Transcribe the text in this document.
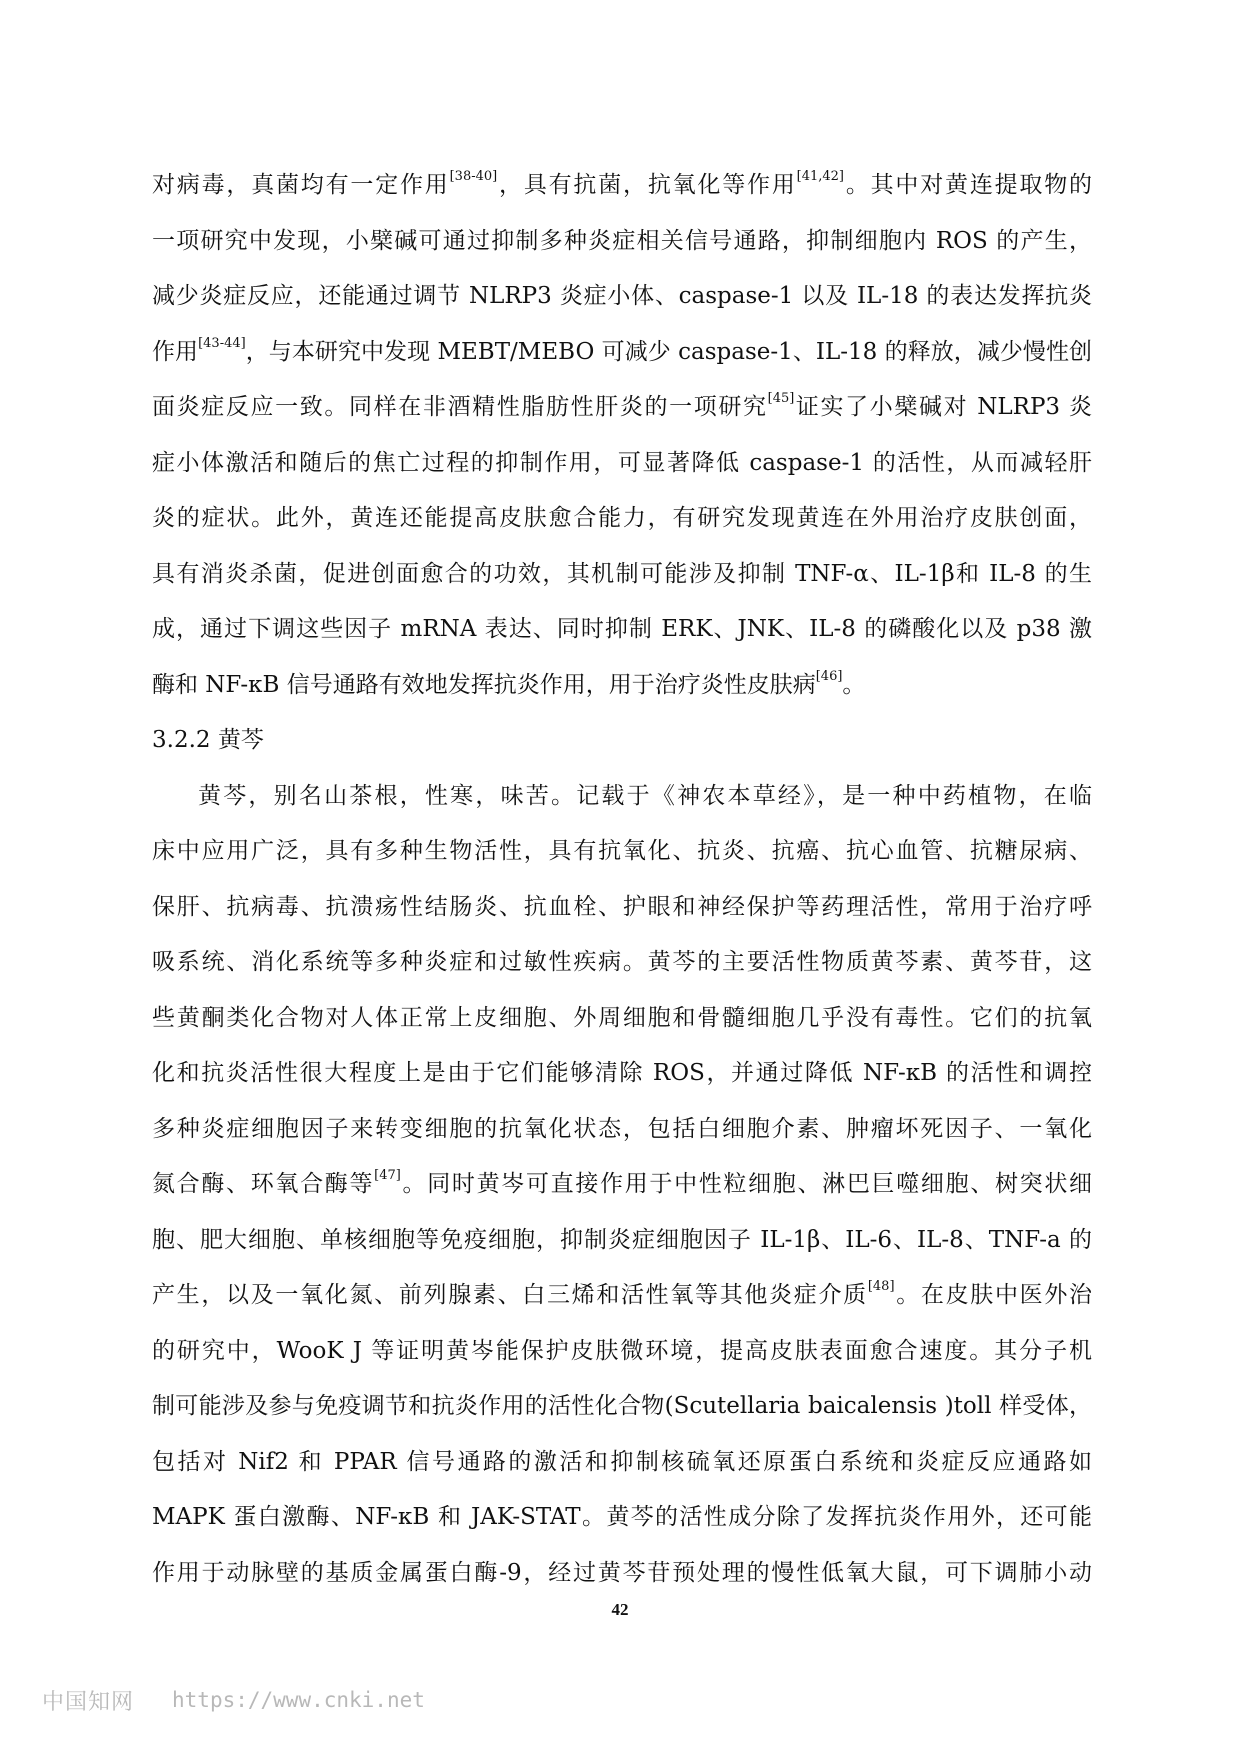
对病毒，真菌均有一定作用[38-40]，具有抗菌，抗氧化等作用[41,42]。其中对黄连提取物的
一项研究中发现，小檗碱可通过抑制多种炎症相关信号通路，抑制细胞内 ROS 的产生，
减少炎症反应，还能通过调节 NLRP3 炎症小体、caspase-1 以及 IL-18 的表达发挥抗炎
作用[43-44]，与本研究中发现 MEBT/MEBO 可减少 caspase-1、IL-18 的释放，减少慢性创
面炎症反应一致。同样在非酒精性脂肪性肝炎的一项研究[45]证实了小檗碱对 NLRP3 炎
症小体激活和随后的焦亡过程的抑制作用，可显著降低 caspase-1 的活性，从而减轻肝
炎的症状。此外，黄连还能提高皮肤愈合能力，有研究发现黄连在外用治疗皮肤创面，
具有消炎杀菌，促进创面愈合的功效，其机制可能涉及抑制 TNF-α、IL-1β和 IL-8 的生
成，通过下调这些因子 mRNA 表达、同时抑制 ERK、JNK、IL-8 的磷酸化以及 p38 激
酶和 NF-κB 信号通路有效地发挥抗炎作用，用于治疗炎性皮肤病[46]。
3.2.2 黄芩
黄芩，别名山茶根，性寒，味苦。记载于《神农本草经》，是一种中药植物，在临
床中应用广泛，具有多种生物活性，具有抗氧化、抗炎、抗癌、抗心血管、抗糖尿病、
保肝、抗病毒、抗溃疡性结肠炎、抗血栓、护眼和神经保护等药理活性，常用于治疗呼
吸系统、消化系统等多种炎症和过敏性疾病。黄芩的主要活性物质黄芩素、黄芩苷，这
些黄酮类化合物对人体正常上皮细胞、外周细胞和骨髓细胞几乎没有毒性。它们的抗氧
化和抗炎活性很大程度上是由于它们能够清除 ROS，并通过降低 NF-κB 的活性和调控
多种炎症细胞因子来转变细胞的抗氧化状态，包括白细胞介素、肿瘤坏死因子、一氧化
氮合酶、环氧合酶等[47]。同时黄岑可直接作用于中性粒细胞、淋巴巨噬细胞、树突状细
胞、肥大细胞、单核细胞等免疫细胞，抑制炎症细胞因子 IL-1β、IL-6、IL-8、TNF-a 的
产生，以及一氧化氮、前列腺素、白三烯和活性氧等其他炎症介质[48]。在皮肤中医外治
的研究中，WooK J 等证明黄岑能保护皮肤微环境，提高皮肤表面愈合速度。其分子机
制可能涉及参与免疫调节和抗炎作用的活性化合物(Scutellaria baicalensis )toll 样受体，
包括对 Nif2 和 PPAR 信号通路的激活和抑制核硫氧还原蛋白系统和炎症反应通路如
MAPK 蛋白激酶、NF-κB 和 JAK-STAT。黄芩的活性成分除了发挥抗炎作用外，还可能
作用于动脉壁的基质金属蛋白酶-9，经过黄芩苷预处理的慢性低氧大鼠，可下调肺小动
42
中国知网 https://www.cnki.net
